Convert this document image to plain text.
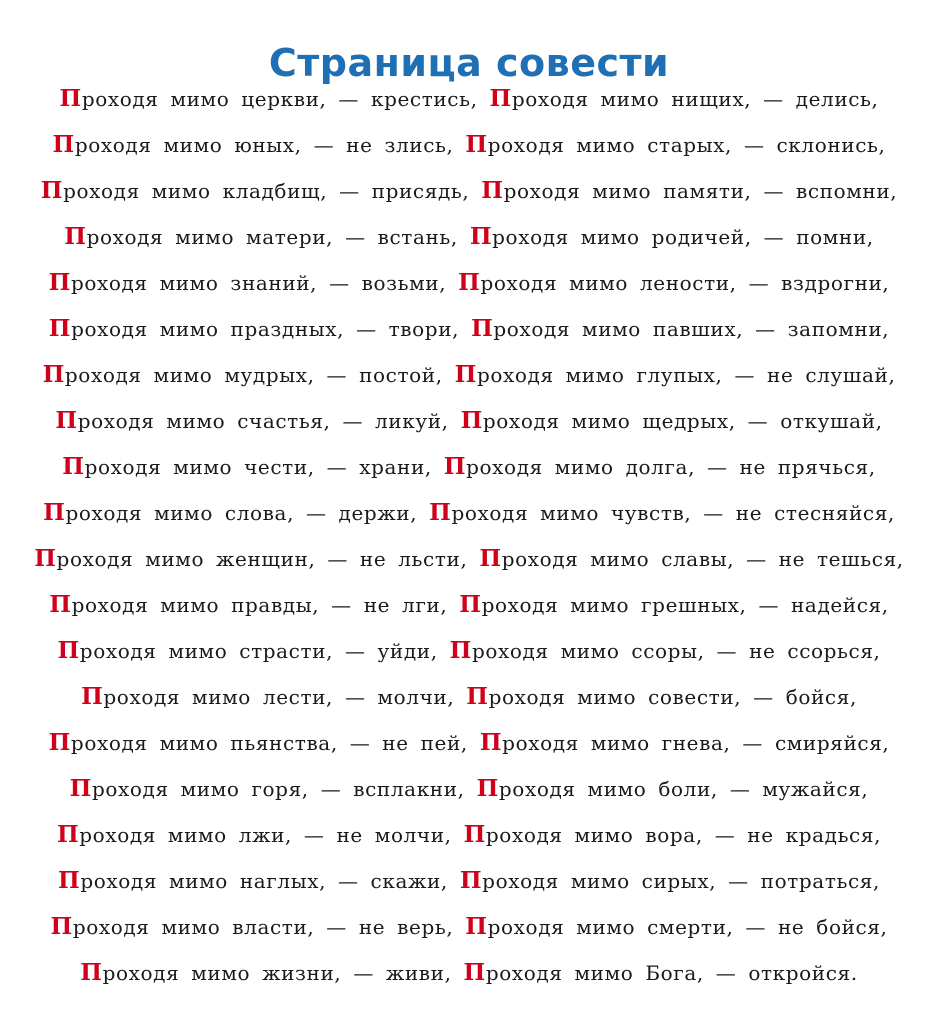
Страница совести
Проходя мимо церкви, — крестись, Проходя мимо нищих, — делись,
Проходя мимо юных, — не злись, Проходя мимо старых, — склонись,
Проходя мимо кладбищ, — присядь, Проходя мимо памяти, — вспомни,
Проходя мимо матери, — встань, Проходя мимо родичей, — помни,
Проходя мимо знаний, — возьми, Проходя мимо лености, — вздрогни,
Проходя мимо праздных, — твори, Проходя мимо павших, — запомни,
Проходя мимо мудрых, — постой, Проходя мимо глупых, — не слушай,
Проходя мимо счастья, — ликуй, Проходя мимо щедрых, — откушай,
Проходя мимо чести, — храни, Проходя мимо долга, — не прячься,
Проходя мимо слова, — держи, Проходя мимо чувств, — не стесняйся,
Проходя мимо женщин, — не льсти, Проходя мимо славы, — не тешься,
Проходя мимо правды, — не лги, Проходя мимо грешных, — надейся,
Проходя мимо страсти, — уйди, Проходя мимо ссоры, — не ссорься,
Проходя мимо лести, — молчи, Проходя мимо совести, — бойся,
Проходя мимо пьянства, — не пей, Проходя мимо гнева, — смиряйся,
Проходя мимо горя, — всплакни, Проходя мимо боли, — мужайся,
Проходя мимо лжи, — не молчи, Проходя мимо вора, — не крадься,
Проходя мимо наглых, — скажи, Проходя мимо сирых, — потраться,
Проходя мимо власти, — не верь, Проходя мимо смерти, — не бойся,
Проходя мимо жизни, — живи, Проходя мимо Бога, — откройся.
